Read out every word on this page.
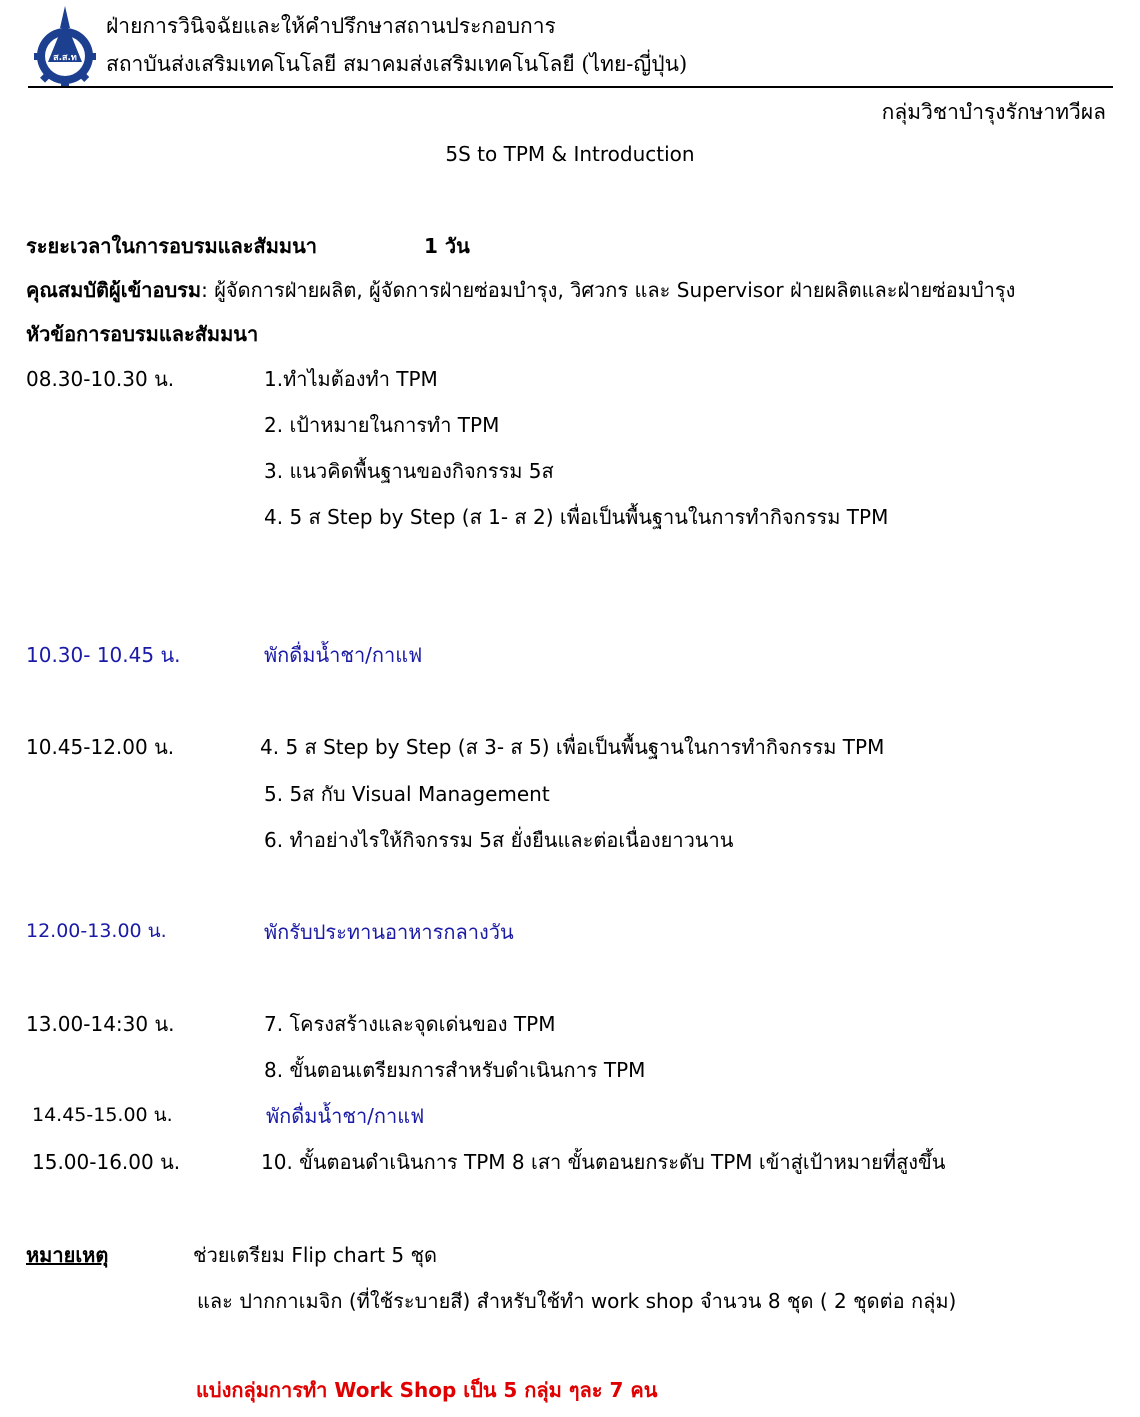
ส.ส.ท
ฝ่ายการวินิจฉัยและให้คำปรึกษาสถานประกอบการ
สถาบันส่งเสริมเทคโนโลยี สมาคมส่งเสริมเทคโนโลยี (ไทย-ญี่ปุ่น)
กลุ่มวิชาบำรุงรักษาทวีผล
5S to TPM & Introduction
ระยะเวลาในการอบรมและสัมมนา	1 วัน
คุณสมบัติผู้เข้าอบรม: ผู้จัดการฝ่ายผลิต, ผู้จัดการฝ่ายซ่อมบำรุง, วิศวกร และ Supervisor ฝ่ายผลิตและฝ่ายซ่อมบำรุง
หัวข้อการอบรมและสัมมนา
08.30-10.30 น.	1.ทำไมต้องทำ TPM
2. เป้าหมายในการทำ TPM
3. แนวคิดพื้นฐานของกิจกรรม 5ส
4. 5 ส Step by Step (ส 1- ส 2) เพื่อเป็นพื้นฐานในการทำกิจกรรม TPM
10.30- 10.45 น.	พักดื่มน้ำชา/กาแฟ
10.45-12.00 น.	4. 5 ส Step by Step (ส 3- ส 5) เพื่อเป็นพื้นฐานในการทำกิจกรรม TPM
5. 5ส กับ Visual Management
6. ทำอย่างไรให้กิจกรรม 5ส ยั่งยืนและต่อเนื่องยาวนาน
12.00-13.00 น.	พักรับประทานอาหารกลางวัน
13.00-14:30 น.	7. โครงสร้างและจุดเด่นของ TPM
8. ขั้นตอนเตรียมการสำหรับดำเนินการ TPM
14.45-15.00 น.	พักดื่มน้ำชา/กาแฟ
15.00-16.00 น.	10. ขั้นตอนดำเนินการ TPM 8 เสา ขั้นตอนยกระดับ TPM เข้าสู่เป้าหมายที่สูงขึ้น
หมายเหตุ	ช่วยเตรียม Flip chart 5 ชุด
และ ปากกาเมจิก (ที่ใช้ระบายสี) สำหรับใช้ทำ work shop จำนวน 8 ชุด ( 2 ชุดต่อ กลุ่ม)
แบ่งกลุ่มการทำ Work Shop เป็น 5 กลุ่ม ๆละ 7 คน
